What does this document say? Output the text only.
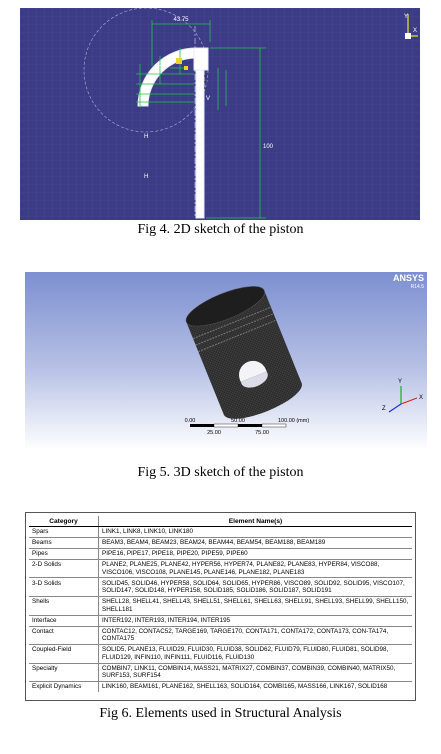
43.75
100
H
V
H
H
Y
X
Fig 4. 2D sketch of the piston
ANSYS
R14.5
0.00	50.00	100.00 (mm)
25.00	75.00
Y
X
Z
Fig 5. 3D sketch of the piston
Category	Element Name(s)
Spars	LINK1, LINK8, LINK10, LINK180
Beams	BEAM3, BEAM4, BEAM23, BEAM24, BEAM44, BEAM54, BEAM188, BEAM189
Pipes	PIPE16, PIPE17, PIPE18, PIPE20, PIPE59, PIPE60
2-D Solids	PLANE2, PLANE25, PLANE42, HYPER56, HYPER74, PLANE82, PLANE83, HYPER84, VISCO88, VISCO106, VISCO108, PLANE145, PLANE146, PLANE182, PLANE183
3-D Solids	SOLID45, SOLID46, HYPER58, SOLID64, SOLID65, HYPER86, VISCO89, SOLID92, SOLID95, VISCO107, SOLID147, SOLID148, HYPER158, SOLID185, SOLID186, SOLID187, SOLID191
Shells	SHELL28, SHELL41, SHELL43, SHELL51, SHELL61, SHELL63, SHELL91, SHELL93, SHELL99, SHELL150, SHELL181
Interface	INTER192, INTER193, INTER194, INTER195
Contact	CONTAC12, CONTAC52, TARGE169, TARGE170, CONTA171, CONTA172, CONTA173, CON-TA174, CONTA175
Coupled-Field	SOLID5, PLANE13, FLUID29, FLUID30, FLUID38, SOLID62, FLUID79, FLUID80, FLUID81, SOLID98, FLUID129, INFIN110, INFIN111, FLUID116, FLUID130
Specialty	COMBIN7, LINK11, COMBIN14, MASS21, MATRIX27, COMBIN37, COMBIN39, COMBIN40, MATRIX50, SURF153, SURF154
Explicit Dynamics	LINK160, BEAM161, PLANE162, SHELL163, SOLID164, COMBI165, MASS166, LINK167, SOLID168
Fig 6. Elements used in Structural Analysis
